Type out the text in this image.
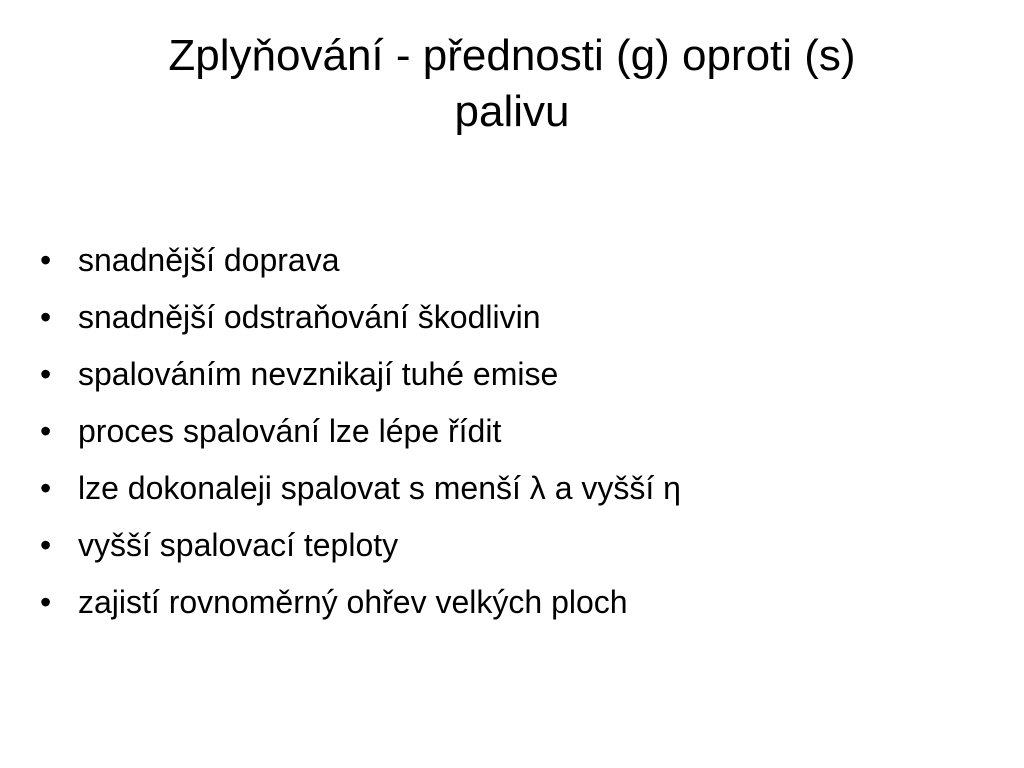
Zplyňování - přednosti (g) oproti (s)
palivu
• snadnější doprava
• snadnější odstraňování škodlivin
• spalováním nevznikají tuhé emise
• proces spalování lze lépe řídit
• lze dokonaleji spalovat s menší λ a vyšší η
• vyšší spalovací teploty
• zajistí rovnoměrný ohřev velkých ploch
